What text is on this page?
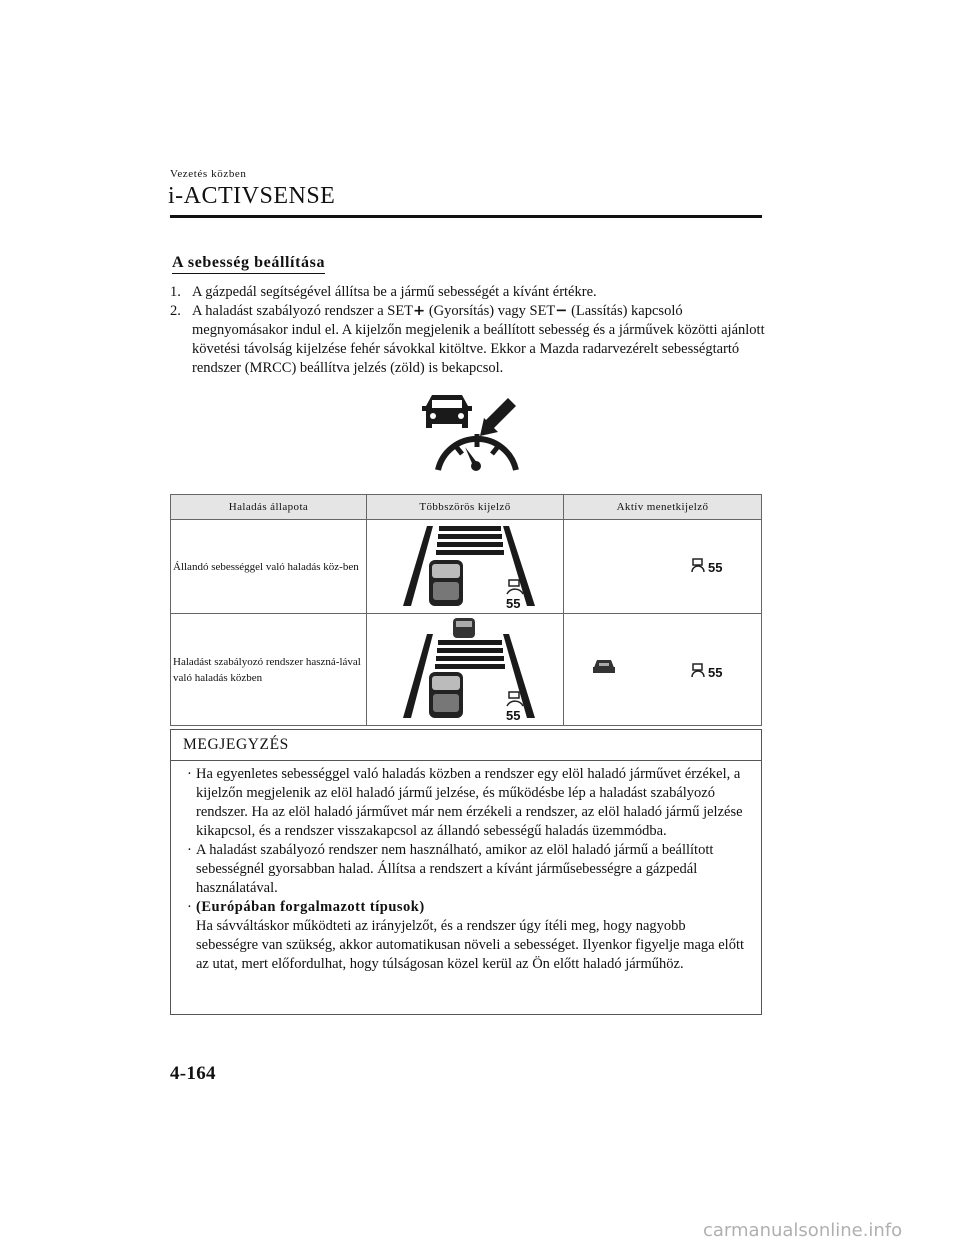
Vezetés közben
i-ACTIVSENSE
A sebesség beállítása
1. A gázpedál segítségével állítsa be a jármű sebességét a kívánt értékre.
2. A haladást szabályozó rendszer a SET+ (Gyorsítás) vagy SET− (Lassítás) kapcsoló megnyomásakor indul el. A kijelzőn megjelenik a beállított sebesség és a járművek közötti ajánlott követési távolság kijelzése fehér sávokkal kitöltve. Ekkor a Mazda radarvezérelt sebességtartó rendszer (MRCC) beállítva jelzés (zöld) is bekapcsol.
Haladás állapota	Többszörös kijelző	Aktív menetkijelző
Állandó sebességgel való haladás köz-ben	55	55

Haladást szabályozó rendszer haszná-lával való haladás közben	55	55
MEGJEGYZÉS
· Ha egyenletes sebességgel való haladás közben a rendszer egy elöl haladó járművet érzékel, a kijelzőn megjelenik az elöl haladó jármű jelzése, és működésbe lép a haladást szabályozó rendszer. Ha az elöl haladó járművet már nem érzékeli a rendszer, az elöl haladó jármű jelzése kikapcsol, és a rendszer visszakapcsol az állandó sebességű haladás üzemmódba.
· A haladást szabályozó rendszer nem használható, amikor az elöl haladó jármű a beállított sebességnél gyorsabban halad. Állítsa a rendszert a kívánt járműsebességre a gázpedál használatával.
· (Európában forgalmazott típusok)
Ha sávváltáskor működteti az irányjelzőt, és a rendszer úgy ítéli meg, hogy nagyobb sebességre van szükség, akkor automatikusan növeli a sebességet. Ilyenkor figyelje maga előtt az utat, mert előfordulhat, hogy túlságosan közel kerül az Ön előtt haladó járműhöz.
4-164
carmanualsonline.info
